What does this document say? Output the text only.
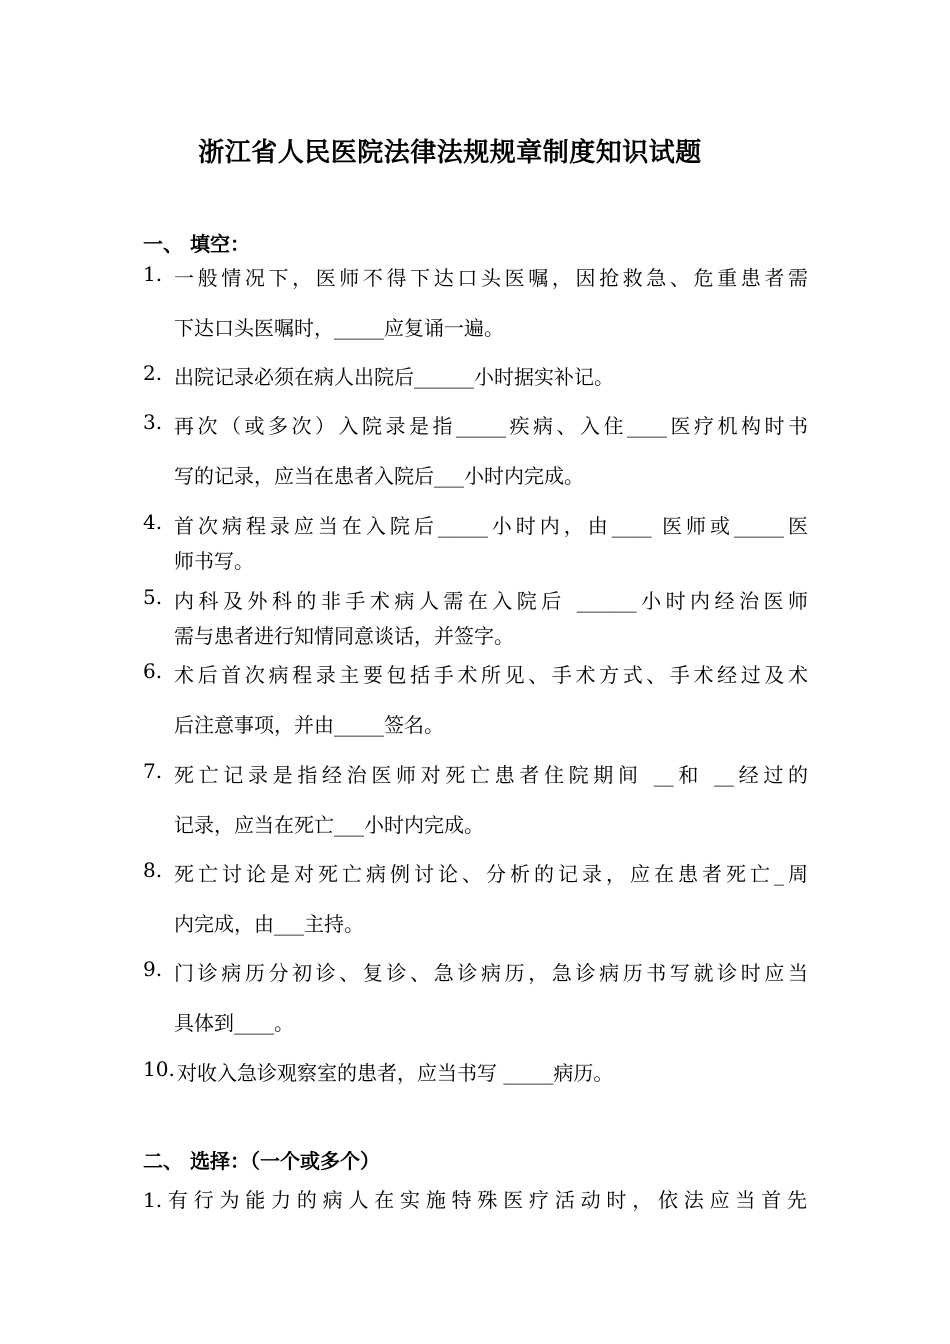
浙江省人民医院法律法规规章制度知识试题
一、 填空：
1. 一般情况下，医师不得下达口头医嘱，因抢救急、危重患者需
下达口头医嘱时，_____应复诵一遍。
2. 出院记录必须在病人出院后______小时据实补记。
3. 再次（或多次）入院录是指_____疾病、入住____医疗机构时书
写的记录，应当在患者入院后___小时内完成。
4. 首次病程录应当在入院后_____小时内，由____ 医师或_____医
师书写。
5. 内科及外科的非手术病人需在入院后 ______小时内经治医师
需与患者进行知情同意谈话，并签字。
6. 术后首次病程录主要包括手术所见、手术方式、手术经过及术
后注意事项，并由_____签名。
7. 死亡记录是指经治医师对死亡患者住院期间 __和 __经过的
记录，应当在死亡___小时内完成。
8. 死亡讨论是对死亡病例讨论、分析的记录，应在患者死亡_周
内完成，由___主持。
9. 门诊病历分初诊、复诊、急诊病历，急诊病历书写就诊时应当
具体到____。
10. 对收入急诊观察室的患者，应当书写 _____病历。
二、 选择：（一个或多个）
1.有行为能力的病人在实施特殊医疗活动时，依法应当首先
